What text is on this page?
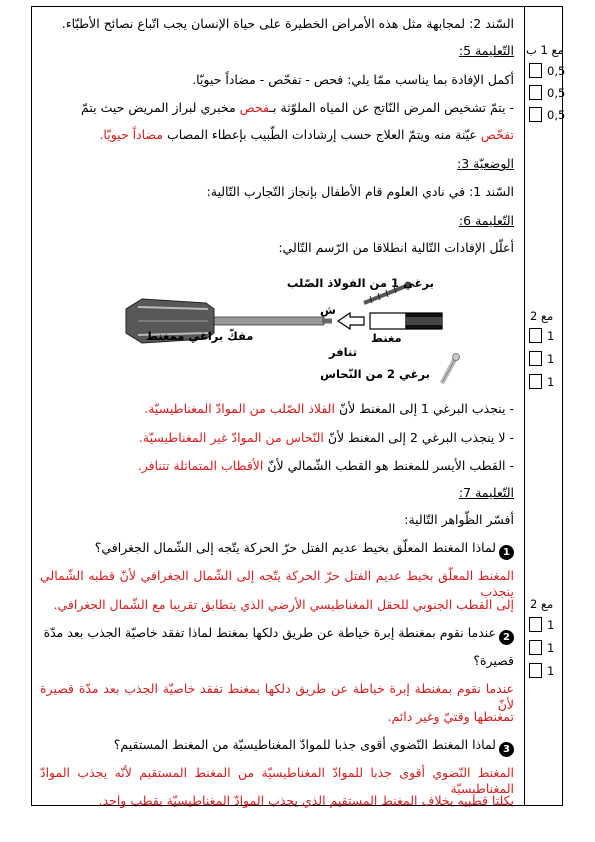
السّند 2: لمجابهة مثل هذه الأمراض الخطيرة على حياة الإنسان يجب اتّباع نصائح الأطبّاء.
التّعليمة 5:
أكمل الإفادة بما يناسب ممّا يلي: فحص - تفحّص - مضاداً حيويّا.
- يتمّ تشخيص المرض النّاتج عن المياه الملوّثة بـفحص مخبري لبراز المريض حيث يتمّ
تفحّص عيّنة منه ويتمّ العلاج حسب إرشادات الطّبيب بإعطاء المصاب مضاداً حيويّا.
الوضعيّة 3:
السّند 1: في نادي العلوم قام الأطفال بإنجاز التّجارب التّالية:
التّعليمة 6:
أعلّل الإفادات التّالية انطلاقا من الرّسم التّالي:
برغي 1 من الفولاذ الصّلب
مفكّ براغي ممغنط
ش
مغنط
تنافر
برغي 2 من النّحاس
- ينجذب البرغي 1 إلى المغنط لأنّ الفلاذ الصّلب من الموادّ المغناطيسيّة.
- لا ينجذب البرغي 2 إلى المغنط لأنّ النّحاس من الموادّ غير المغناطيسيّة.
- القطب الأيسر للمغنط هو القطب الشّمالي لأنّ الأقطاب المتماثلة تتنافر.
التّعليمة 7:
أفسّر الظّواهر التّالية:
1لماذا المغنط المعلّق بخيط عديم الفتل حرّ الحركة يتّجه إلى الشّمال الجغرافي؟
المغنط المعلّق بخيط عديم الفتل حرّ الحركة يتّجه إلى الشّمال الجغرافي لأنّ قطبه الشّمالي ينجذب
إلى القطب الجنوبي للحقل المغناطيسي الأرضي الذي يتطابق تقريبا مع الشّمال الجغرافي.
2عندما نقوم بمغنطة إبرة خياطة عن طريق دلكها بمغنط لماذا تفقد خاصيّة الجذب بعد مدّة
قصيرة؟
عندما نقوم بمغنطة إبرة خياطة عن طريق دلكها بمغنط تفقد خاصيّة الجذب بعد مدّة قصيرة لأنّ
تمغنطها وقتيّ وغير دائم.
3لماذا المغنط النّضوي أقوى جذبا للموادّ المغناطيسيّة من المغنط المستقيم؟
المغنط النّضوي أقوى جذبا للموادّ المغناطيسيّة من المغنط المستقيم لأنّه يجذب الموادّ المغناطيسيّة
بكلتا قطبيه بخلاف المغنط المستقيم الذي يجذب الموادّ المغناطيسيّة بقطب واحد.
مع 1 ب
0,5
0,5
0,5
مع 2
1
1
1
مع 2
1
1
1
